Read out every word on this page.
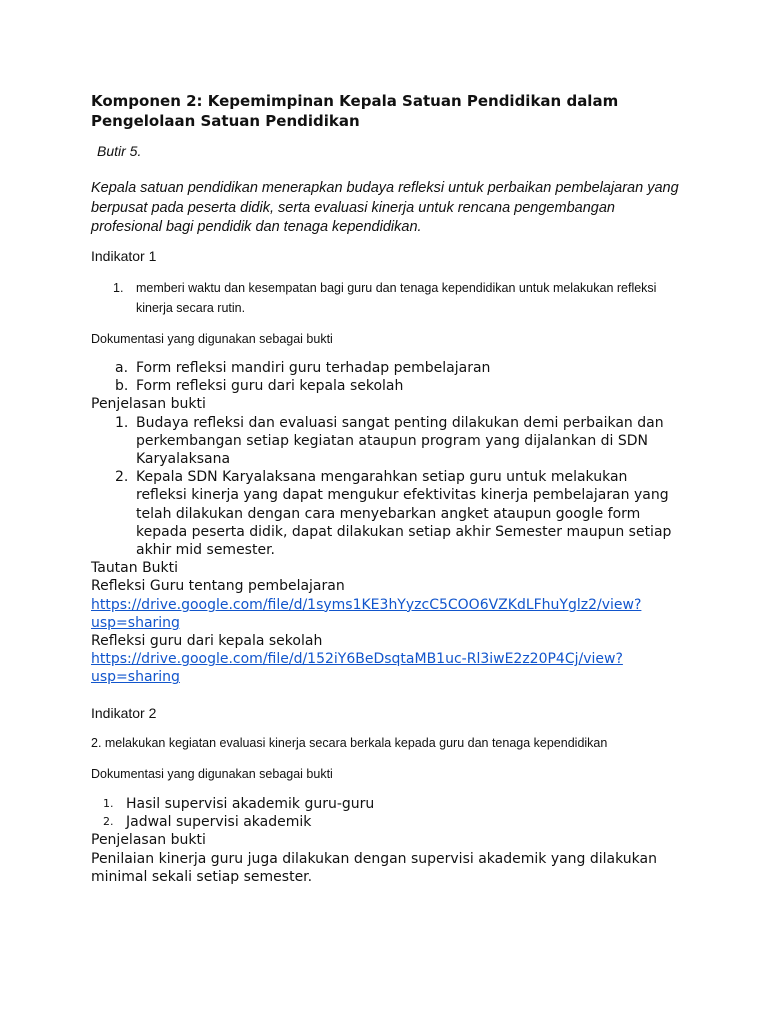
Komponen 2: Kepemimpinan Kepala Satuan Pendidikan dalam Pengelolaan Satuan Pendidikan
Butir 5.
Kepala satuan pendidikan menerapkan budaya refleksi untuk perbaikan pembelajaran yang berpusat pada peserta didik, serta evaluasi kinerja untuk rencana pengembangan profesional bagi pendidik dan tenaga kependidikan.
Indikator 1
1. memberi waktu dan kesempatan bagi guru dan tenaga kependidikan untuk melakukan refleksi kinerja secara rutin.
Dokumentasi yang digunakan sebagai bukti
a. Form refleksi mandiri guru terhadap pembelajaran
b. Form refleksi guru dari kepala sekolah
Penjelasan bukti
1. Budaya refleksi dan evaluasi sangat penting dilakukan demi perbaikan dan perkembangan setiap kegiatan ataupun program yang dijalankan di SDN Karyalaksana
2. Kepala SDN Karyalaksana mengarahkan setiap guru untuk melakukan refleksi kinerja yang dapat mengukur efektivitas kinerja pembelajaran yang telah dilakukan dengan cara menyebarkan angket ataupun google form kepada peserta didik, dapat dilakukan setiap akhir Semester maupun setiap akhir mid semester.
Tautan Bukti
Refleksi Guru tentang pembelajaran
https://drive.google.com/file/d/1syms1KE3hYyzcC5COO6VZKdLFhuYglz2/view?usp=sharing
Refleksi guru dari kepala sekolah
https://drive.google.com/file/d/152iY6BeDsqtaMB1uc-Rl3iwE2z20P4Cj/view?usp=sharing
Indikator 2
2. melakukan kegiatan evaluasi kinerja secara berkala kepada guru dan tenaga kependidikan
Dokumentasi yang digunakan sebagai bukti
1. Hasil supervisi akademik guru-guru
2. Jadwal supervisi akademik
Penjelasan bukti
Penilaian kinerja guru juga dilakukan dengan supervisi akademik yang dilakukan minimal sekali setiap semester.
